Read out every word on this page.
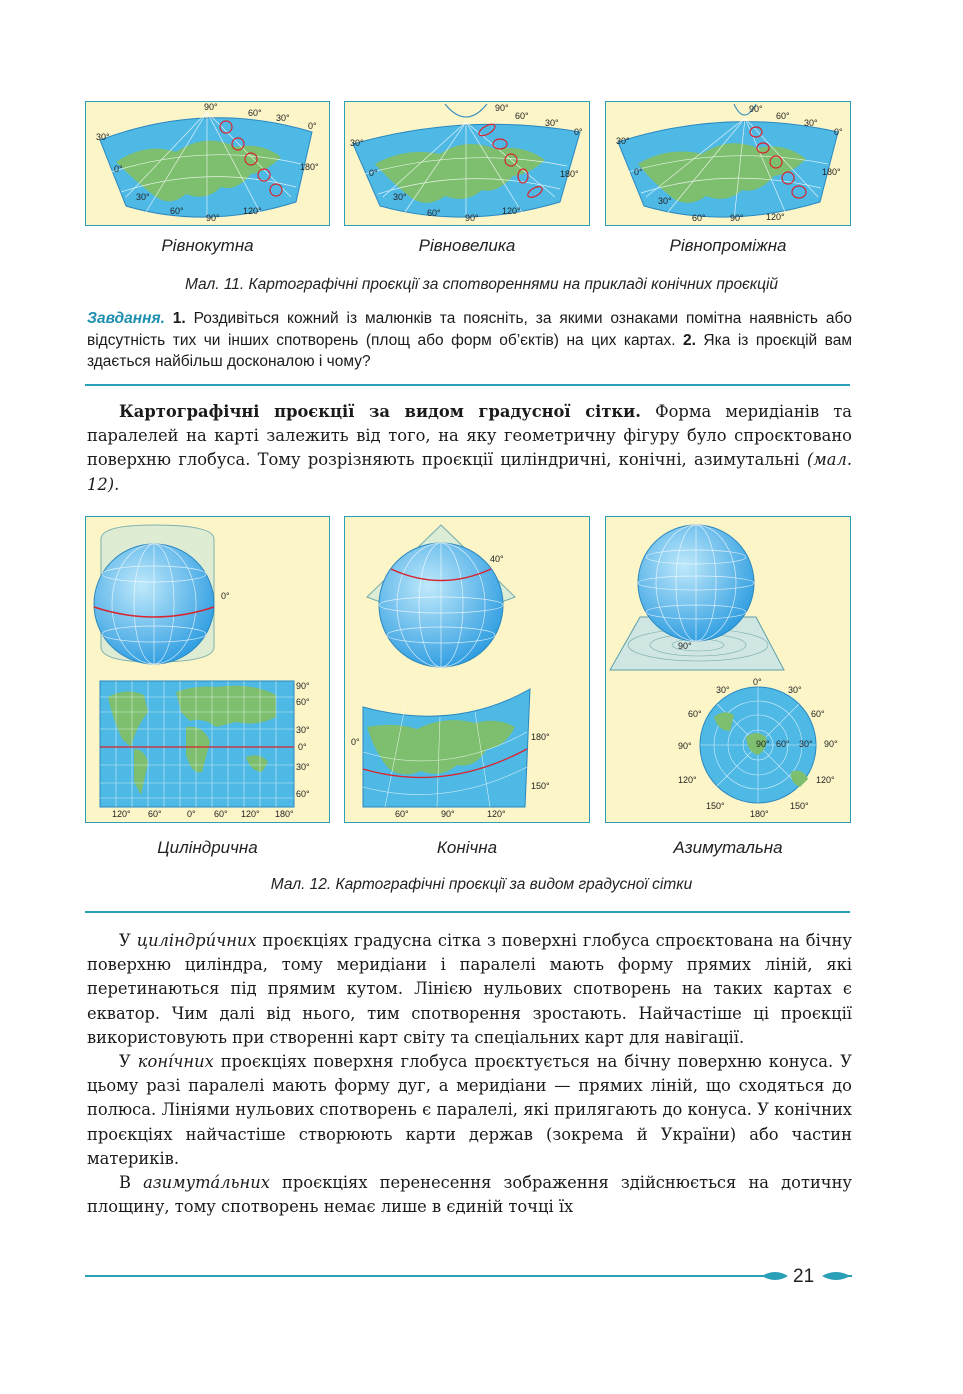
90°
60° 30°
0°
30°
0°	180°
30°
60°
90°
120°
90°
60°
30°
0°
30°
0°	180°
30°
60°	90°
120°
90°
60°
30°
0°
30°
0°	180°
30°
60°	90° 120°
Рівнокутна	Рівновелика	Рівнопроміжна
Мал. 11. Картографічні проєкції за спотвореннями на прикладі конічних проєкцій
Завдання. 1. Роздивіться кожний із малюнків та поясніть, за якими ознаками помітна наявність або відсутність тих чи інших спотворень (площ або форм об’єктів) на цих картах. 2. Яка із проєкцій вам здається найбільш досконалою і чому?

Картографічні проєкції за видом градусної сітки. Форма меридіанів та паралелей на карті залежить від того, на яку геометричну фігуру було спроєктовано поверхню глобуса. Тому розрізняють проєкції циліндричні, конічні, азимутальні (мал. 12).

0°
90°
60°
30°
0°
30°
60°
120° 60°	0° 60° 120° 180°
40°
0°	180°
150°
60°	90°	120°
90°
0°
30°	30°
60°	60°
90°	90°
120°	120°
150°	150°
180°
90° 60° 30°
Циліндрична	Конічна	Азимутальна
Мал. 12. Картографічні проєкції за видом градусної сітки

У циліндри́чних проєкціях градусна сітка з поверхні глобуса спроєктована на бічну поверхню циліндра, тому меридіани і паралелі мають форму прямих ліній, які перетинаються під прямим кутом. Лінією нульових спотворень на таких картах є екватор. Чим далі від нього, тим спотворення зростають. Найчастіше ці проєкції використовують при створенні карт світу та спеціальних карт для навігації.

У коні́чних проєкціях поверхня глобуса проєктується на бічну поверхню конуса. У цьому разі паралелі мають форму дуг, а меридіани — прямих ліній, що сходяться до полюса. Лініями нульових спотворень є паралелі, які прилягають до конуса. У конічних проєкціях найчастіше створюють карти держав (зокрема й України) або частин материків.

В азимута́льних проєкціях перенесення зображення здійснюється на дотичну площину, тому спотворень немає лише в єдиній точці їх

21
